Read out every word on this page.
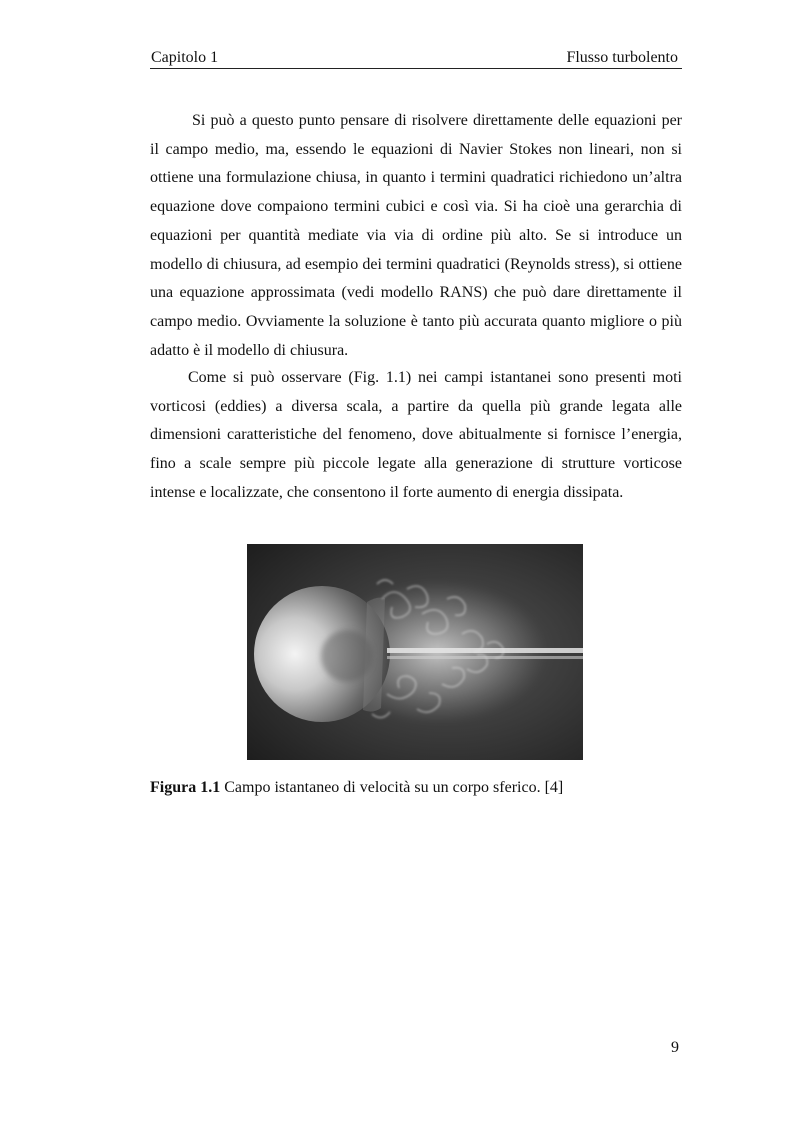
Capitolo 1	Flusso turbolento

Si può a questo punto pensare di risolvere direttamente delle equazioni per il campo medio, ma, essendo le equazioni di Navier Stokes non lineari, non si ottiene una formulazione chiusa, in quanto i termini quadratici richiedono un’altra equazione dove compaiono termini cubici e così via. Si ha cioè una gerarchia di equazioni per quantità mediate via via di ordine più alto. Se si introduce un modello di chiusura, ad esempio dei termini quadratici (Reynolds stress), si ottiene una equazione approssimata (vedi modello RANS) che può dare direttamente il campo medio. Ovviamente la soluzione è tanto più accurata quanto migliore o più adatto è il modello di chiusura.

Come si può osservare (Fig. 1.1) nei campi istantanei sono presenti moti vorticosi (eddies) a diversa scala, a partire da quella più grande legata alle dimensioni caratteristiche del fenomeno, dove abitualmente si fornisce l’energia, fino a scale sempre più piccole legate alla generazione di strutture vorticose intense e localizzate, che consentono il forte aumento di energia dissipata.

Figura 1.1 Campo istantaneo di velocità su un corpo sferico. [4]
9
